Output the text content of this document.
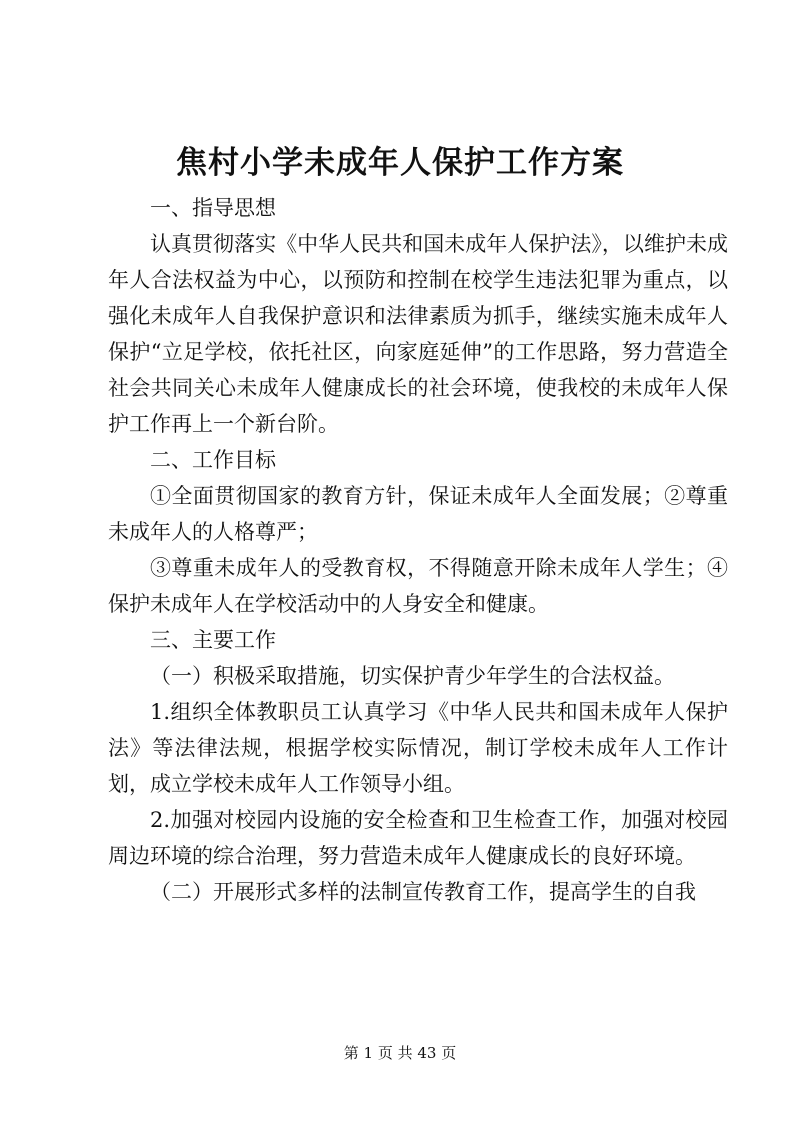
焦村小学未成年人保护工作方案

一、指导思想

认真贯彻落实《中华人民共和国未成年人保护法》，以维护未成年人合法权益为中心，以预防和控制在校学生违法犯罪为重点，以强化未成年人自我保护意识和法律素质为抓手，继续实施未成年人保护“立足学校，依托社区，向家庭延伸”的工作思路，努力营造全社会共同关心未成年人健康成长的社会环境，使我校的未成年人保护工作再上一个新台阶。

二、工作目标

①全面贯彻国家的教育方针，保证未成年人全面发展；②尊重未成年人的人格尊严；

③尊重未成年人的受教育权，不得随意开除未成年人学生；④保护未成年人在学校活动中的人身安全和健康。

三、主要工作

（一）积极采取措施，切实保护青少年学生的合法权益。

1.组织全体教职员工认真学习《中华人民共和国未成年人保护法》等法律法规，根据学校实际情况，制订学校未成年人工作计划，成立学校未成年人工作领导小组。

2.加强对校园内设施的安全检查和卫生检查工作，加强对校园周边环境的综合治理，努力营造未成年人健康成长的良好环境。

（二）开展形式多样的法制宣传教育工作，提高学生的自我

第 1 页 共 43 页
